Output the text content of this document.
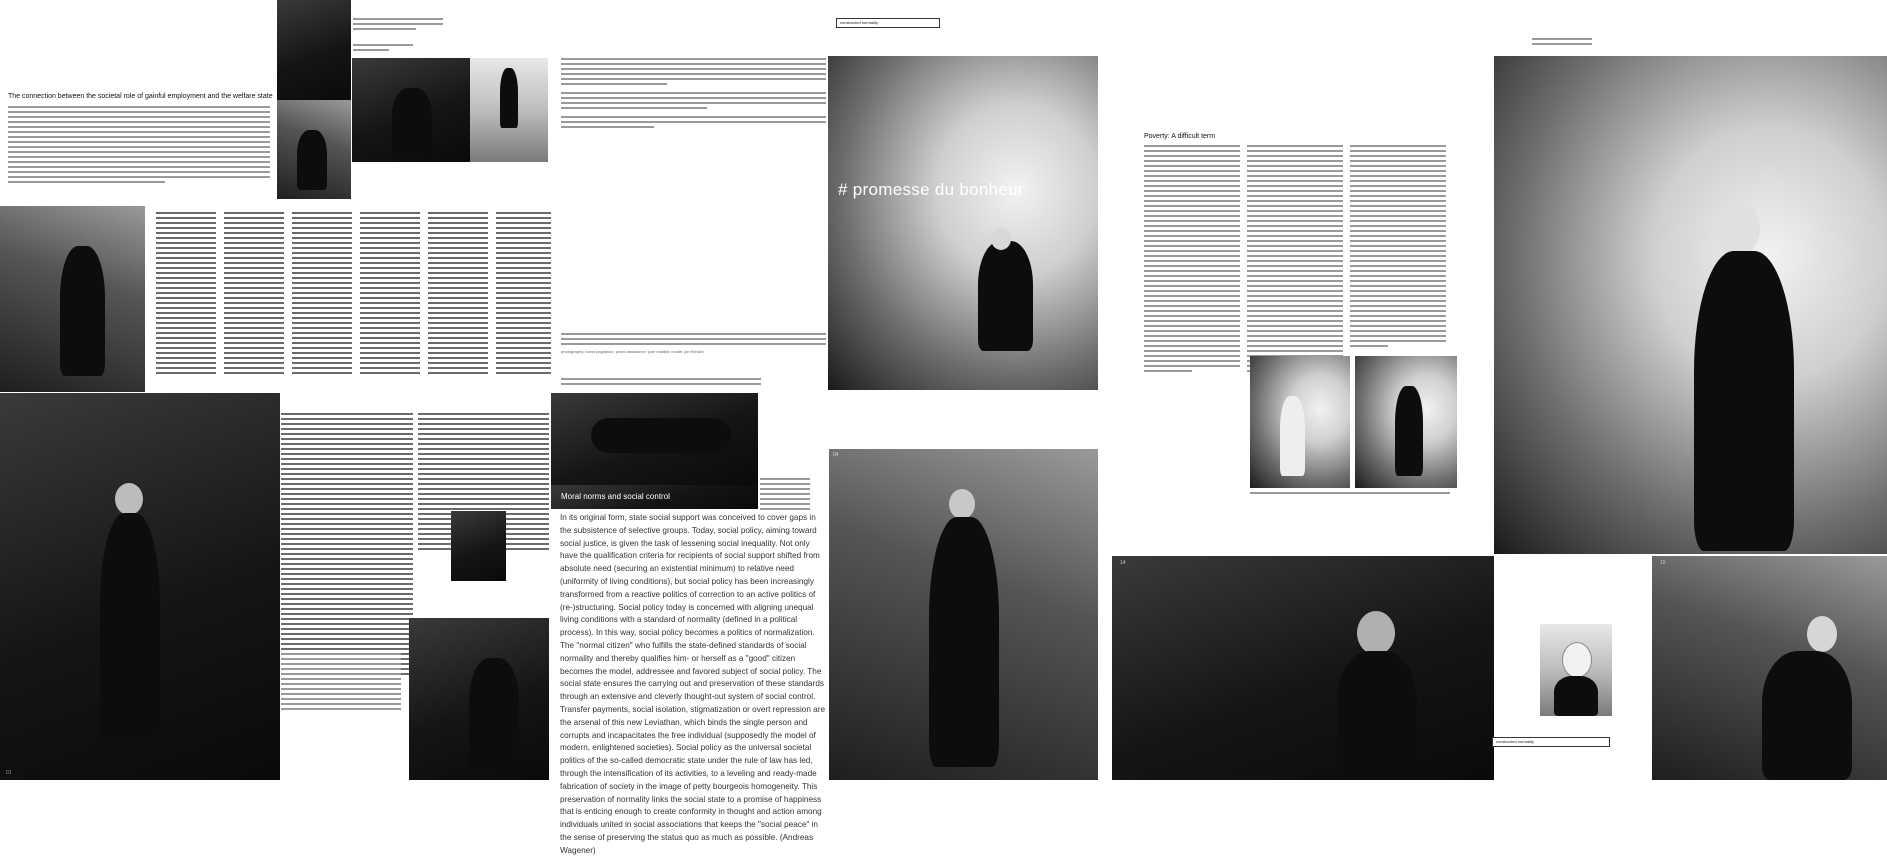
The connection between the societal role of gainful employment and the welfare state
constructed normality
# promesse du bonheur
photography: ivana pagliarulo; photo assistance: jose maldini; model: jan fröhlich
01
Moral norms and social control
In its original form, state social support was conceived to cover gaps in the subsistence of selective groups. Today, social policy, aiming toward social justice, is given the task of lessening social inequality. Not only have the qualification criteria for recipients of social support shifted from absolute need (securing an existential minimum) to relative need (uniformity of living conditions), but social policy has been increasingly transformed from a reactive politics of correction to an active politics of (re-)structuring. Social policy today is concerned with aligning unequal living conditions with a standard of normality (defined in a political process). In this way, social policy becomes a politics of normalization. The "normal citizen" who fulfills the state-defined standards of social normality and thereby qualifies him- or herself as a "good" citizen becomes the model, addressee and favored subject of social policy. The social state ensures the carrying out and preservation of these standards through an extensive and cleverly thought-out system of social control. Transfer payments, social isolation, stigmatization or overt repression are the arsenal of this new Leviathan, which binds the single person and corrupts and incapacitates the free individual (supposedly the model of modern, enlightened societies). Social policy as the universal societal politics of the so-called democratic state under the rule of law has led, through the intensification of its activities, to a leveling and ready-made fabrication of society in the image of petty bourgeois homogeneity. This preservation of normality links the social state to a promise of happiness that is enticing enough to create conformity in thought and action among individuals united in social associations that keeps the "social peace" in the sense of preserving the status quo as much as possible. (Andreas Wagener)
04
Poverty: A difficult term
12
14	15
constructed normality
